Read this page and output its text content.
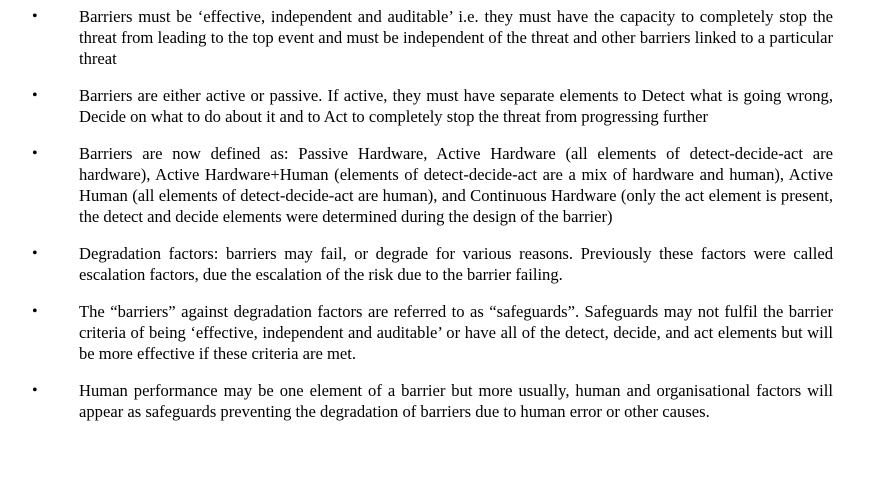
• Barriers must be ‘effective, independent and auditable’ i.e. they must have the capacity to completely stop the threat from leading to the top event and must be independent of the threat and other barriers linked to a particular threat
• Barriers are either active or passive. If active, they must have separate elements to Detect what is going wrong, Decide on what to do about it and to Act to completely stop the threat from progressing further
• Barriers are now defined as: Passive Hardware, Active Hardware (all elements of detect-decide-act are hardware), Active Hardware+Human (elements of detect-decide-act are a mix of hardware and human), Active Human (all elements of detect-decide-act are human), and Continuous Hardware (only the act element is present, the detect and decide elements were determined during the design of the barrier)
• Degradation factors: barriers may fail, or degrade for various reasons. Previously these factors were called escalation factors, due the escalation of the risk due to the barrier failing.
• The “barriers” against degradation factors are referred to as “safeguards”. Safeguards may not fulfil the barrier criteria of being ‘effective, independent and auditable’ or have all of the detect, decide, and act elements but will be more effective if these criteria are met.
• Human performance may be one element of a barrier but more usually, human and organisational factors will appear as safeguards preventing the degradation of barriers due to human error or other causes.
